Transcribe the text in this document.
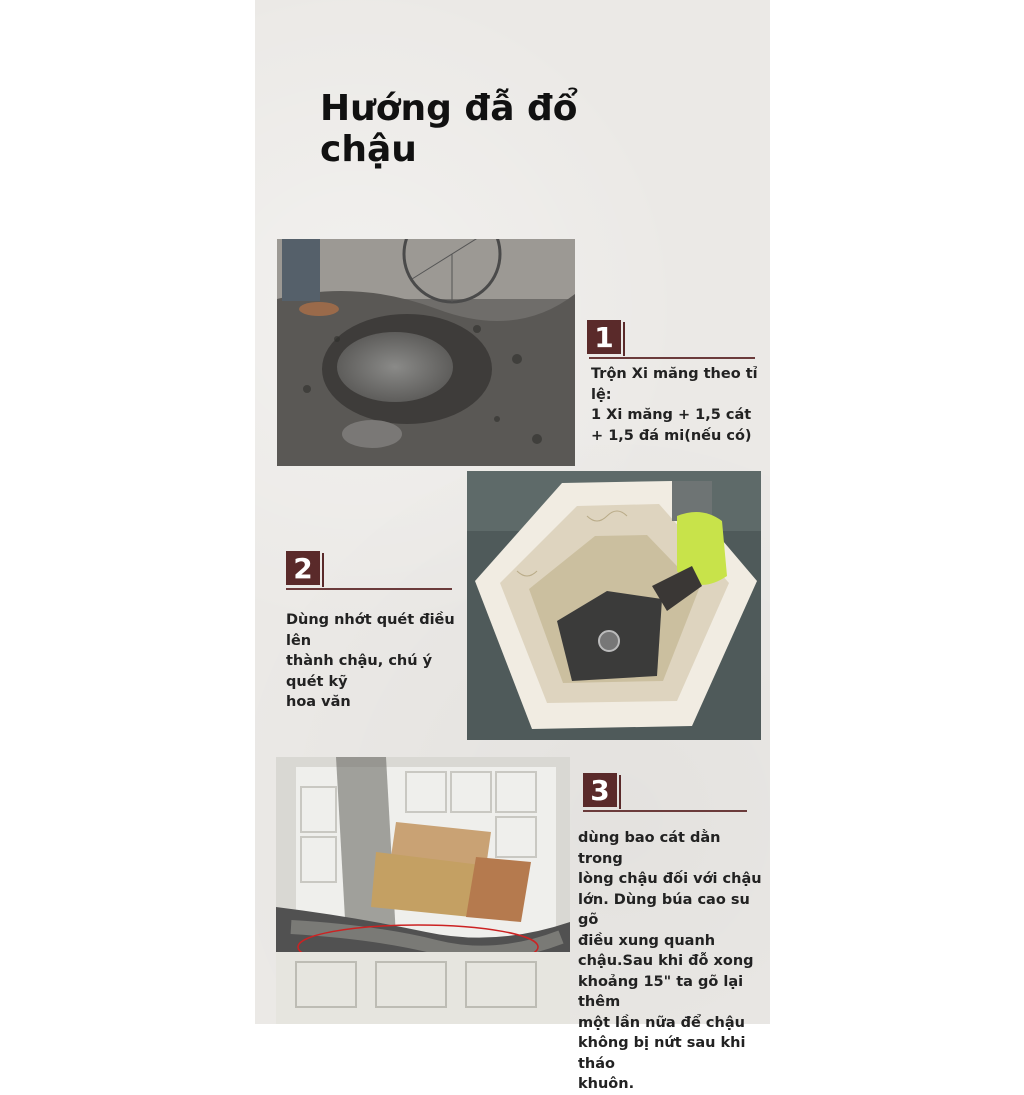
Hướng đẫ đổ chậu
1
Trộn Xi măng theo tỉ lệ:
1 Xi măng + 1,5 cát
+ 1,5 đá mi(nếu có)
2
Dùng nhớt quét điều lên
thành chậu, chú ý quét kỹ
hoa văn
3
dùng bao cát dằn trong
lòng chậu đối với chậu
lớn. Dùng búa cao su gõ
điều xung quanh
chậu.Sau khi đỗ xong
khoảng 15" ta gõ lại thêm
một lần nữa để chậu
không bị nứt sau khi tháo
khuôn.
